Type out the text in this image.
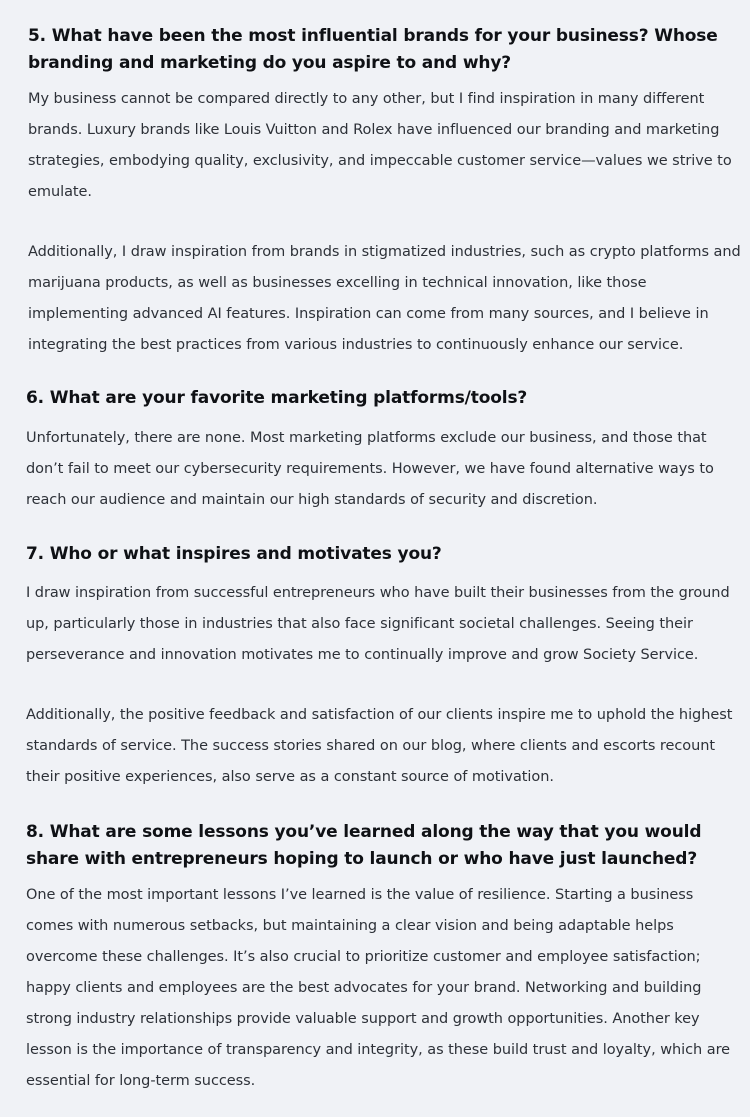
5. What have been the most influential brands for your business? Whose branding and marketing do you aspire to and why?

My business cannot be compared directly to any other, but I find inspiration in many different brands. Luxury brands like Louis Vuitton and Rolex have influenced our branding and marketing strategies, embodying quality, exclusivity, and impeccable customer service—values we strive to emulate.

Additionally, I draw inspiration from brands in stigmatized industries, such as crypto platforms and marijuana products, as well as businesses excelling in technical innovation, like those implementing advanced AI features. Inspiration can come from many sources, and I believe in integrating the best practices from various industries to continuously enhance our service.

6. What are your favorite marketing platforms/tools?

Unfortunately, there are none. Most marketing platforms exclude our business, and those that don’t fail to meet our cybersecurity requirements. However, we have found alternative ways to reach our audience and maintain our high standards of security and discretion.

7. Who or what inspires and motivates you?

I draw inspiration from successful entrepreneurs who have built their businesses from the ground up, particularly those in industries that also face significant societal challenges. Seeing their perseverance and innovation motivates me to continually improve and grow Society Service.

Additionally, the positive feedback and satisfaction of our clients inspire me to uphold the highest standards of service. The success stories shared on our blog, where clients and escorts recount their positive experiences, also serve as a constant source of motivation.

8. What are some lessons you’ve learned along the way that you would share with entrepreneurs hoping to launch or who have just launched?

One of the most important lessons I’ve learned is the value of resilience. Starting a business comes with numerous setbacks, but maintaining a clear vision and being adaptable helps overcome these challenges. It’s also crucial to prioritize customer and employee satisfaction; happy clients and employees are the best advocates for your brand. Networking and building strong industry relationships provide valuable support and growth opportunities. Another key lesson is the importance of transparency and integrity, as these build trust and loyalty, which are essential for long-term success.
